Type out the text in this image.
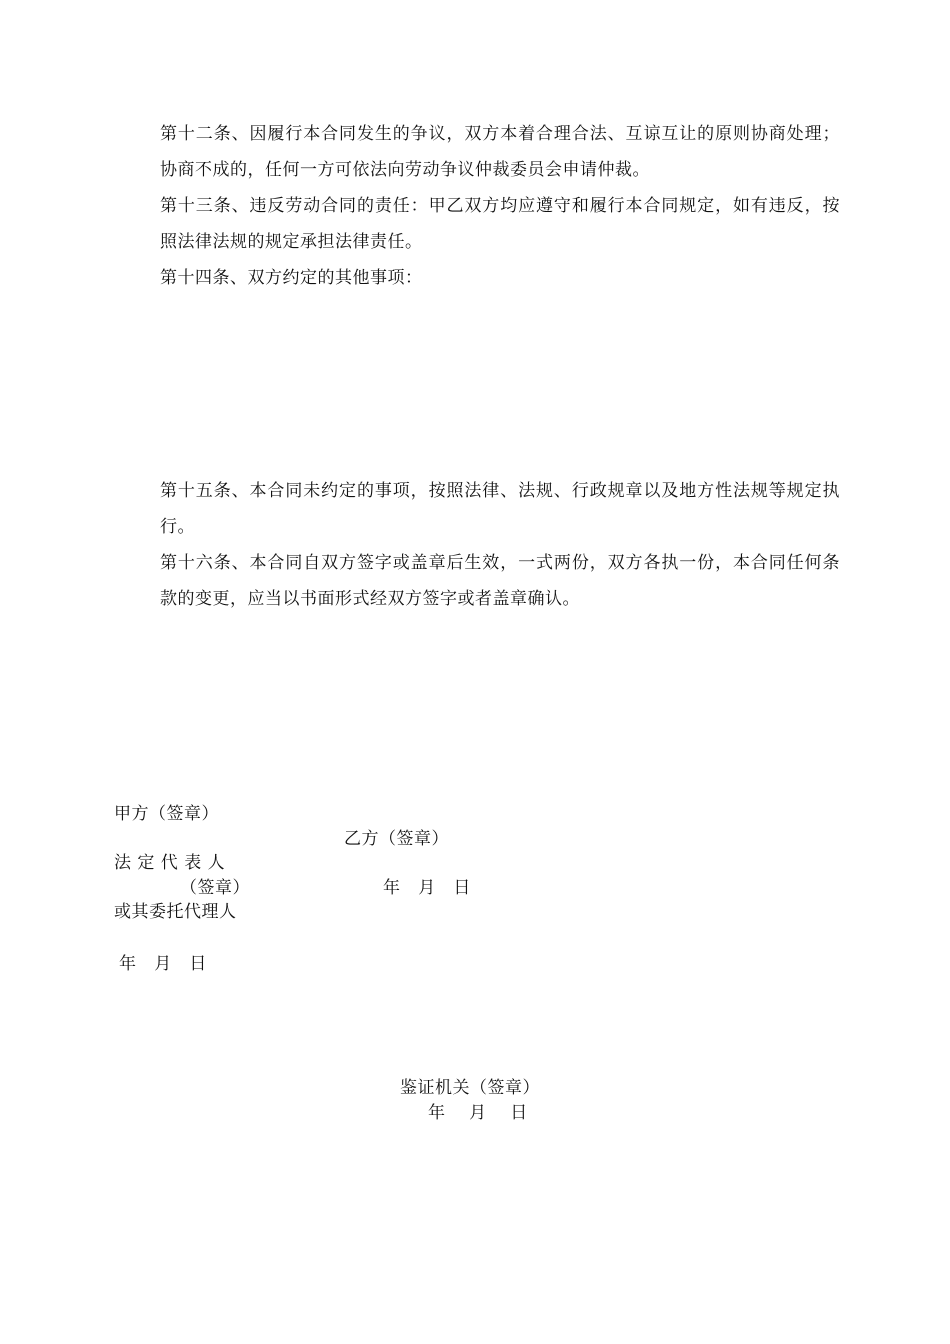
第十二条、因履行本合同发生的争议，双方本着合理合法、互谅互让的原则协商处理；协商不成的，任何一方可依法向劳动争议仲裁委员会申请仲裁。

第十三条、违反劳动合同的责任：甲乙双方均应遵守和履行本合同规定，如有违反，按照法律法规的规定承担法律责任。

第十四条、双方约定的其他事项：

第十五条、本合同未约定的事项，按照法律、法规、行政规章以及地方性法规等规定执行。

第十六条、本合同自双方签字或盖章后生效，一式两份，双方各执一份，本合同任何条款的变更，应当以书面形式经双方签字或者盖章确认。

甲方（签章）
乙方（签章）
法 定 代 表 人
（签章）	年   月   日
或其委托代理人
年   月   日
鉴证机关（签章）
年    月    日
